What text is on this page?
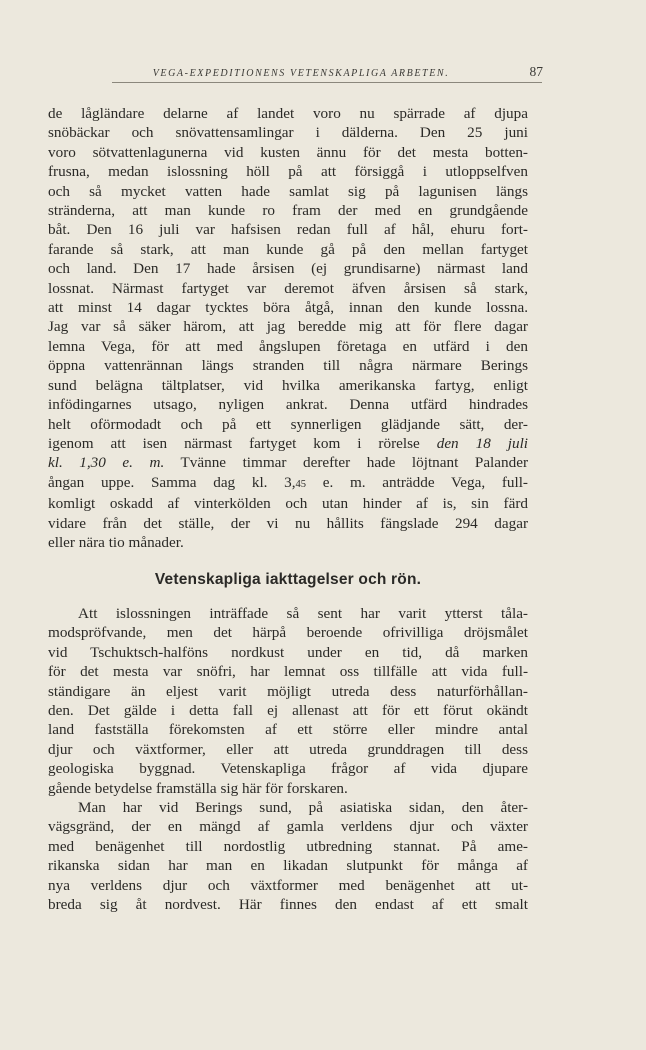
VEGA-EXPEDITIONENS VETENSKAPLIGA ARBETEN.	87
de lågländare delarne af landet voro nu spärrade af djupa
snöbäckar och snövattensamlingar i dälderna. Den 25 juni
voro sötvattenlagunerna vid kusten ännu för det mesta botten-
frusna, medan islossning höll på att försiggå i utloppselfven
och så mycket vatten hade samlat sig på lagunisen längs
stränderna, att man kunde ro fram der med en grundgående
båt. Den 16 juli var hafsisen redan full af hål, ehuru fort-
farande så stark, att man kunde gå på den mellan fartyget
och land. Den 17 hade årsisen (ej grundisarne) närmast land
lossnat. Närmast fartyget var deremot äfven årsisen så stark,
att minst 14 dagar tycktes böra åtgå, innan den kunde lossna.
Jag var så säker härom, att jag beredde mig att för flere dagar
lemna Vega, för att med ångslupen företaga en utfärd i den
öppna vattenrännan längs stranden till några närmare Berings
sund belägna tältplatser, vid hvilka amerikanska fartyg, enligt
infödingarnes utsago, nyligen ankrat. Denna utfärd hindrades
helt oförmodadt och på ett synnerligen glädjande sätt, der-
igenom att isen närmast fartyget kom i rörelse den 18 juli
kl. 1,30 e. m. Tvänne timmar derefter hade löjtnant Palander
ångan uppe. Samma dag kl. 3,45 e. m. anträdde Vega, full-
komligt oskadd af vinterkölden och utan hinder af is, sin färd
vidare från det ställe, der vi nu hållits fängslade 294 dagar
eller nära tio månader.
Vetenskapliga iakttagelser och rön.
Att islossningen inträffade så sent har varit ytterst tåla-
modspröfvande, men det härpå beroende ofrivilliga dröjsmålet
vid Tschuktsch-halföns nordkust under en tid, då marken
för det mesta var snöfri, har lemnat oss tillfälle att vida full-
ständigare än eljest varit möjligt utreda dess naturförhållan-
den. Det gälde i detta fall ej allenast att för ett förut okändt
land fastställa förekomsten af ett större eller mindre antal
djur och växtformer, eller att utreda grunddragen till dess
geologiska byggnad. Vetenskapliga frågor af vida djupare
gående betydelse framställa sig här för forskaren.
Man har vid Berings sund, på asiatiska sidan, den åter-
vägsgränd, der en mängd af gamla verldens djur och växter
med benägenhet till nordostlig utbredning stannat. På ame-
rikanska sidan har man en likadan slutpunkt för många af
nya verldens djur och växtformer med benägenhet att ut-
breda sig åt nordvest. Här finnes den endast af ett smalt
